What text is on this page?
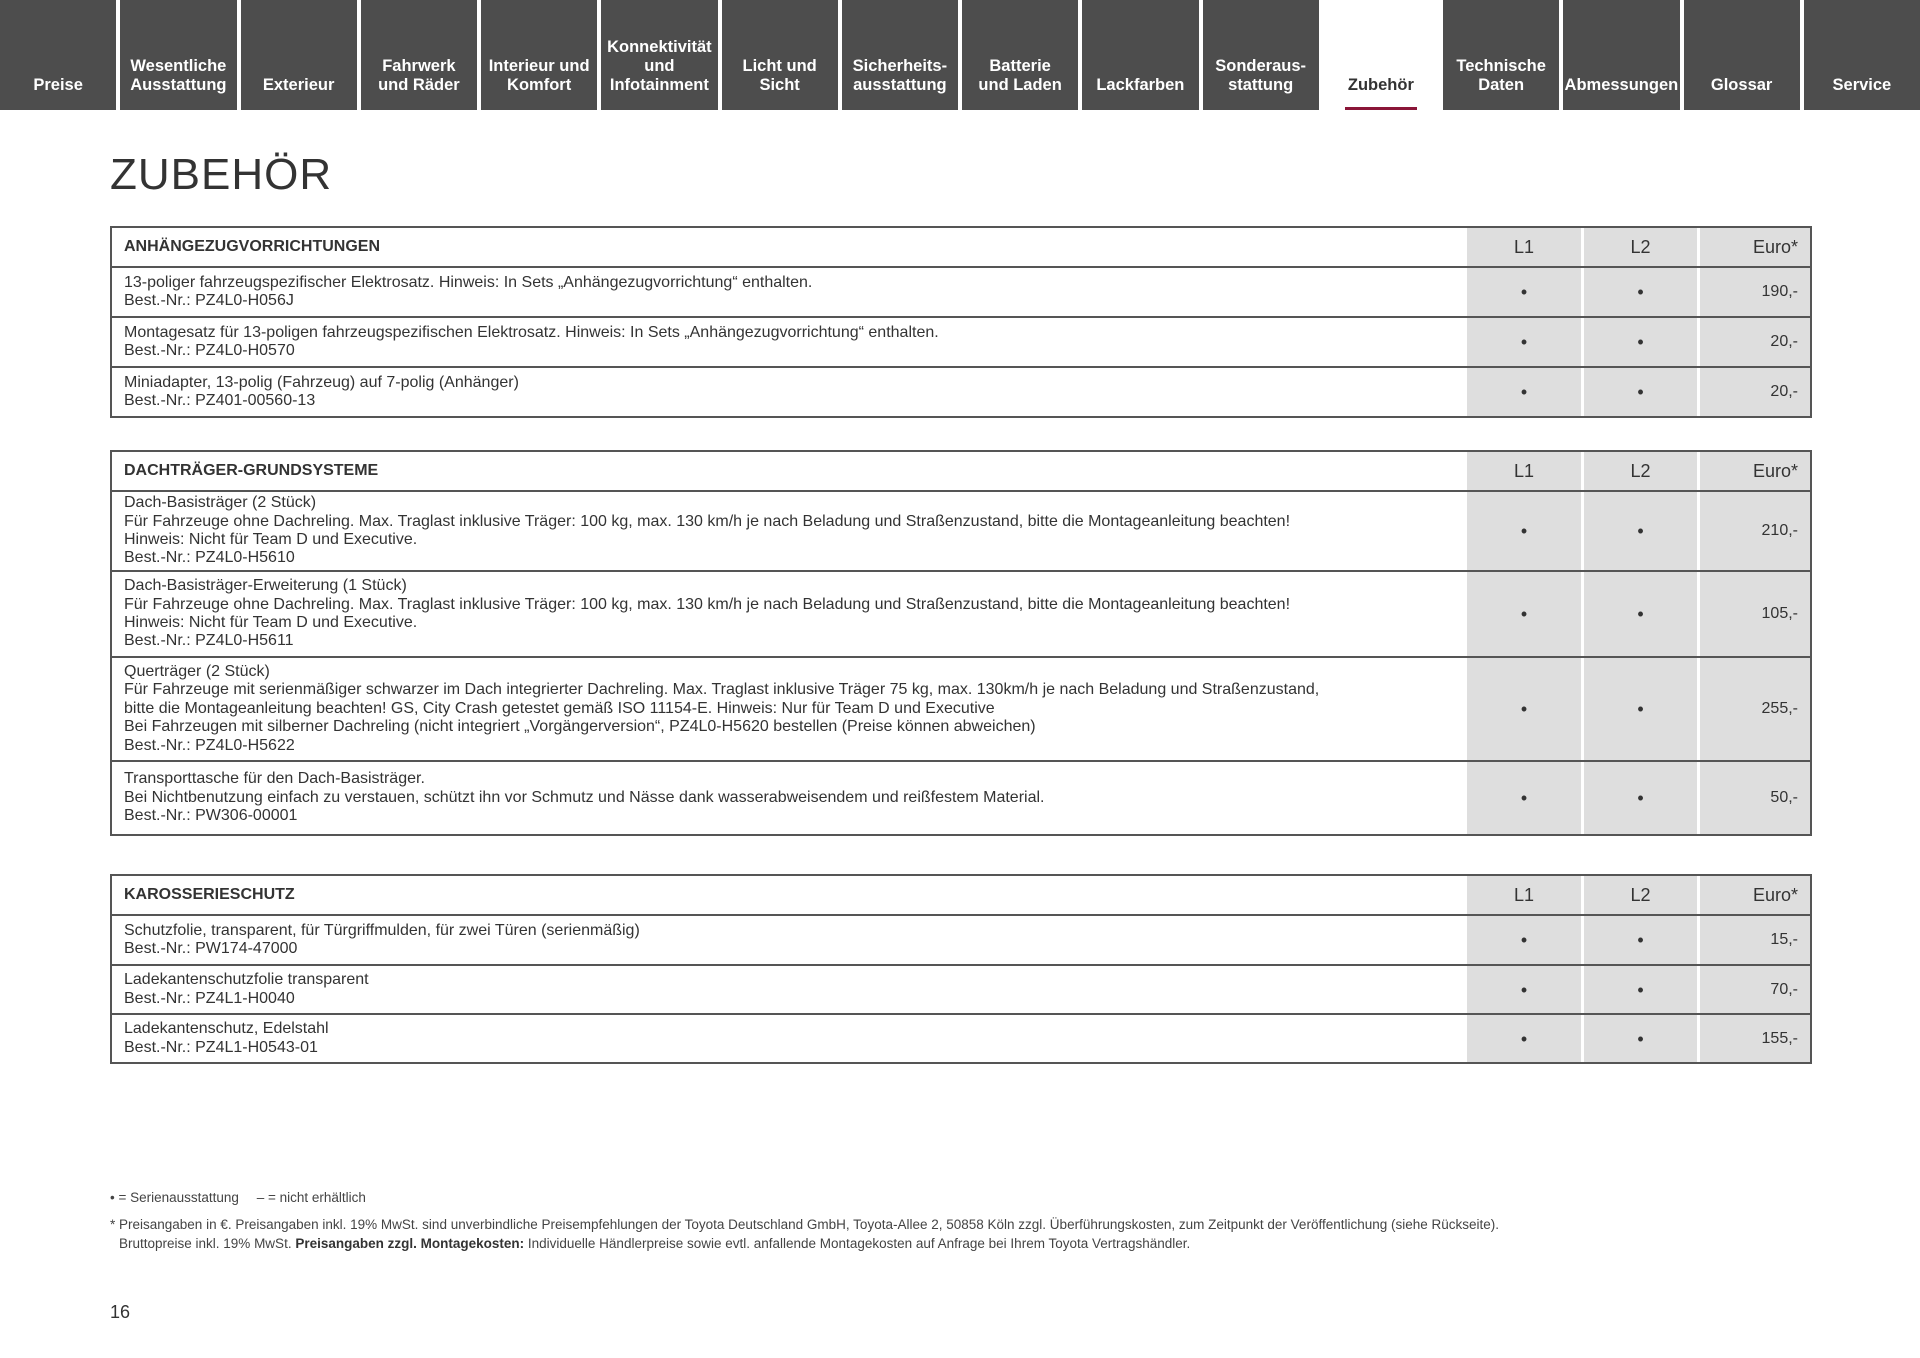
Preise
Wesentliche
Ausstattung	Exterieur
Fahrwerk
und Räder
Interieur und
Komfort
Konnektivität
und
Infotainment
Licht und Sicht
Sicherheits-
ausstattung
Batterie
und Laden	Lackfarben
Sonderaus-
stattung	Zubehör
Technische
Daten	Abmessungen	Glossar	Service
ZUBEHÖR
ANHÄNGEZUGVORRICHTUNGEN	L1	L2	Euro*
13-poliger fahrzeugspezifischer Elektrosatz. Hinweis: In Sets „Anhängezugvorrichtung“ enthalten.
Best.-Nr.: PZ4L0-H056J	•	•	190,-
Montagesatz für 13-poligen fahrzeugspezifischen Elektrosatz. Hinweis: In Sets „Anhängezugvorrichtung“ enthalten.
Best.-Nr.: PZ4L0-H0570	•	•	20,-
Miniadapter, 13-polig (Fahrzeug) auf 7-polig (Anhänger)
Best.-Nr.: PZ401-00560-13	•	•	20,-
DACHTRÄGER-GRUNDSYSTEME	L1	L2	Euro*
Dach-Basisträger (2 Stück)
Für Fahrzeuge ohne Dachreling. Max. Traglast inklusive Träger: 100 kg, max. 130 km/h je nach Beladung und Straßenzustand, bitte die Montageanleitung beachten!
Hinweis: Nicht für Team D und Executive.
Best.-Nr.: PZ4L0-H5610
•	•	210,-
Dach-Basisträger-Erweiterung (1 Stück)
Für Fahrzeuge ohne Dachreling. Max. Traglast inklusive Träger: 100 kg, max. 130 km/h je nach Beladung und Straßenzustand, bitte die Montageanleitung beachten!
Hinweis: Nicht für Team D und Executive.
Best.-Nr.: PZ4L0-H5611
•	•	105,-
Querträger (2 Stück)
Für Fahrzeuge mit serienmäßiger schwarzer im Dach integrierter Dachreling. Max. Traglast inklusive Träger 75 kg, max. 130km/h je nach Beladung und Straßenzustand,
bitte die Montageanleitung beachten! GS, City Crash getestet gemäß ISO 11154-E. Hinweis: Nur für Team D und Executive
Bei Fahrzeugen mit silberner Dachreling (nicht integriert „Vorgängerversion“, PZ4L0-H5620 bestellen (Preise können abweichen)
Best.-Nr.: PZ4L0-H5622
•	•	255,-
Transporttasche für den Dach-Basisträger.
Bei Nichtbenutzung einfach zu verstauen, schützt ihn vor Schmutz und Nässe dank wasserabweisendem und reißfestem Material.
Best.-Nr.: PW306-00001
•	•	50,-
KAROSSERIESCHUTZ	L1	L2	Euro*
Schutzfolie, transparent, für Türgriffmulden, für zwei Türen (serienmäßig)
Best.-Nr.: PW174-47000	•	•	15,-
Ladekantenschutzfolie transparent
Best.-Nr.: PZ4L1-H0040	•	•	70,-
Ladekantenschutz, Edelstahl
Best.-Nr.: PZ4L1-H0543-01	•	•	155,-
• = Serienausstattung – = nicht erhältlich
* Preisangaben in €. Preisangaben inkl. 19% MwSt. sind unverbindliche Preisempfehlungen der Toyota Deutschland GmbH, Toyota-Allee 2, 50858 Köln zzgl. Überführungskosten, zum Zeitpunkt der Veröffentlichung (siehe Rückseite).
Bruttopreise inkl. 19% MwSt. Preisangaben zzgl. Montagekosten: Individuelle Händlerpreise sowie evtl. anfallende Montagekosten auf Anfrage bei Ihrem Toyota Vertragshändler.
16
